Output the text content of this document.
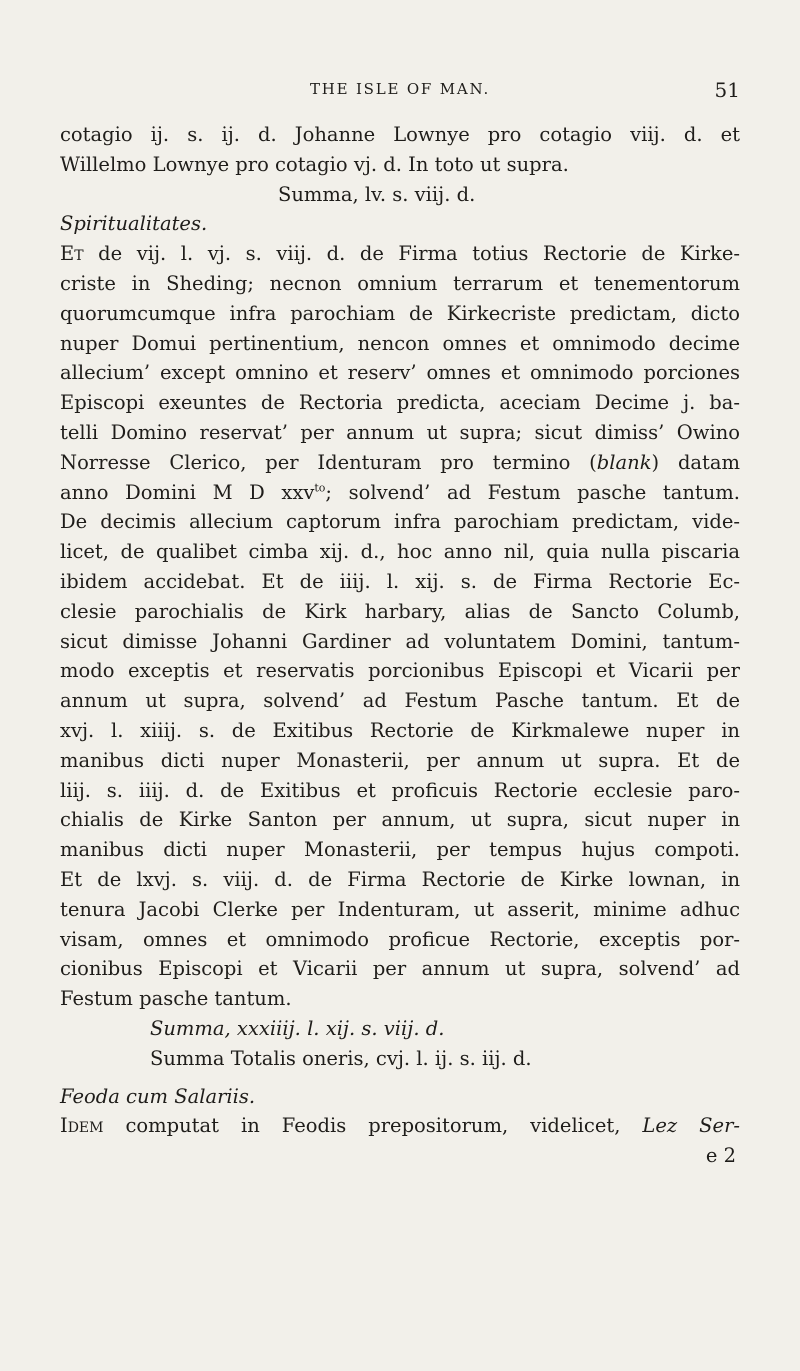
THE ISLE OF MAN.	51
cotagio ij. s. ij. d. Johanne Lownye pro cotagio viij. d. et
Willelmo Lownye pro cotagio vj. d. In toto ut supra.
Summa, lv. s. viij. d.
Spiritualitates.
Et de vij. l. vj. s. viij. d. de Firma totius Rectorie de Kirke-
criste in Sheding; necnon omnium terrarum et tenementorum
quorumcumque infra parochiam de Kirkecriste predictam, dicto
nuper Domui pertinentium, nencon omnes et omnimodo decime
allecium’ except omnino et reserv’ omnes et omnimodo porciones
Episcopi exeuntes de Rectoria predicta, aceciam Decime j. ba-
telli Domino reservat’ per annum ut supra; sicut dimiss’ Owino
Norresse Clerico, per Identuram pro termino (blank) datam
anno Domini M D xxv$^{to}$; solvend’ ad Festum pasche tantum.
De decimis allecium captorum infra parochiam predictam, vide-
licet, de qualibet cimba xij. d., hoc anno nil, quia nulla piscaria
ibidem accidebat. Et de iiij. l. xij. s. de Firma Rectorie Ec-
clesie parochialis de Kirk harbary, alias de Sancto Columb,
sicut dimisse Johanni Gardiner ad voluntatem Domini, tantum-
modo exceptis et reservatis porcionibus Episcopi et Vicarii per
annum ut supra, solvend’ ad Festum Pasche tantum. Et de
xvj. l. xiiij. s. de Exitibus Rectorie de Kirkmalewe nuper in
manibus dicti nuper Monasterii, per annum ut supra. Et de
liij. s. iiij. d. de Exitibus et proficuis Rectorie ecclesie paro-
chialis de Kirke Santon per annum, ut supra, sicut nuper in
manibus dicti nuper Monasterii, per tempus hujus compoti.
Et de lxvj. s. viij. d. de Firma Rectorie de Kirke lownan, in
tenura Jacobi Clerke per Indenturam, ut asserit, minime adhuc
visam, omnes et omnimodo proficue Rectorie, exceptis por-
cionibus Episcopi et Vicarii per annum ut supra, solvend’ ad
Festum pasche tantum.
Summa, xxxiiij. l. xij. s. viij. d.
Summa Totalis oneris, cvj. l. ij. s. iij. d.
Feoda cum Salariis.
Idem computat in Feodis prepositorum, videlicet, Lez Ser-
e 2
